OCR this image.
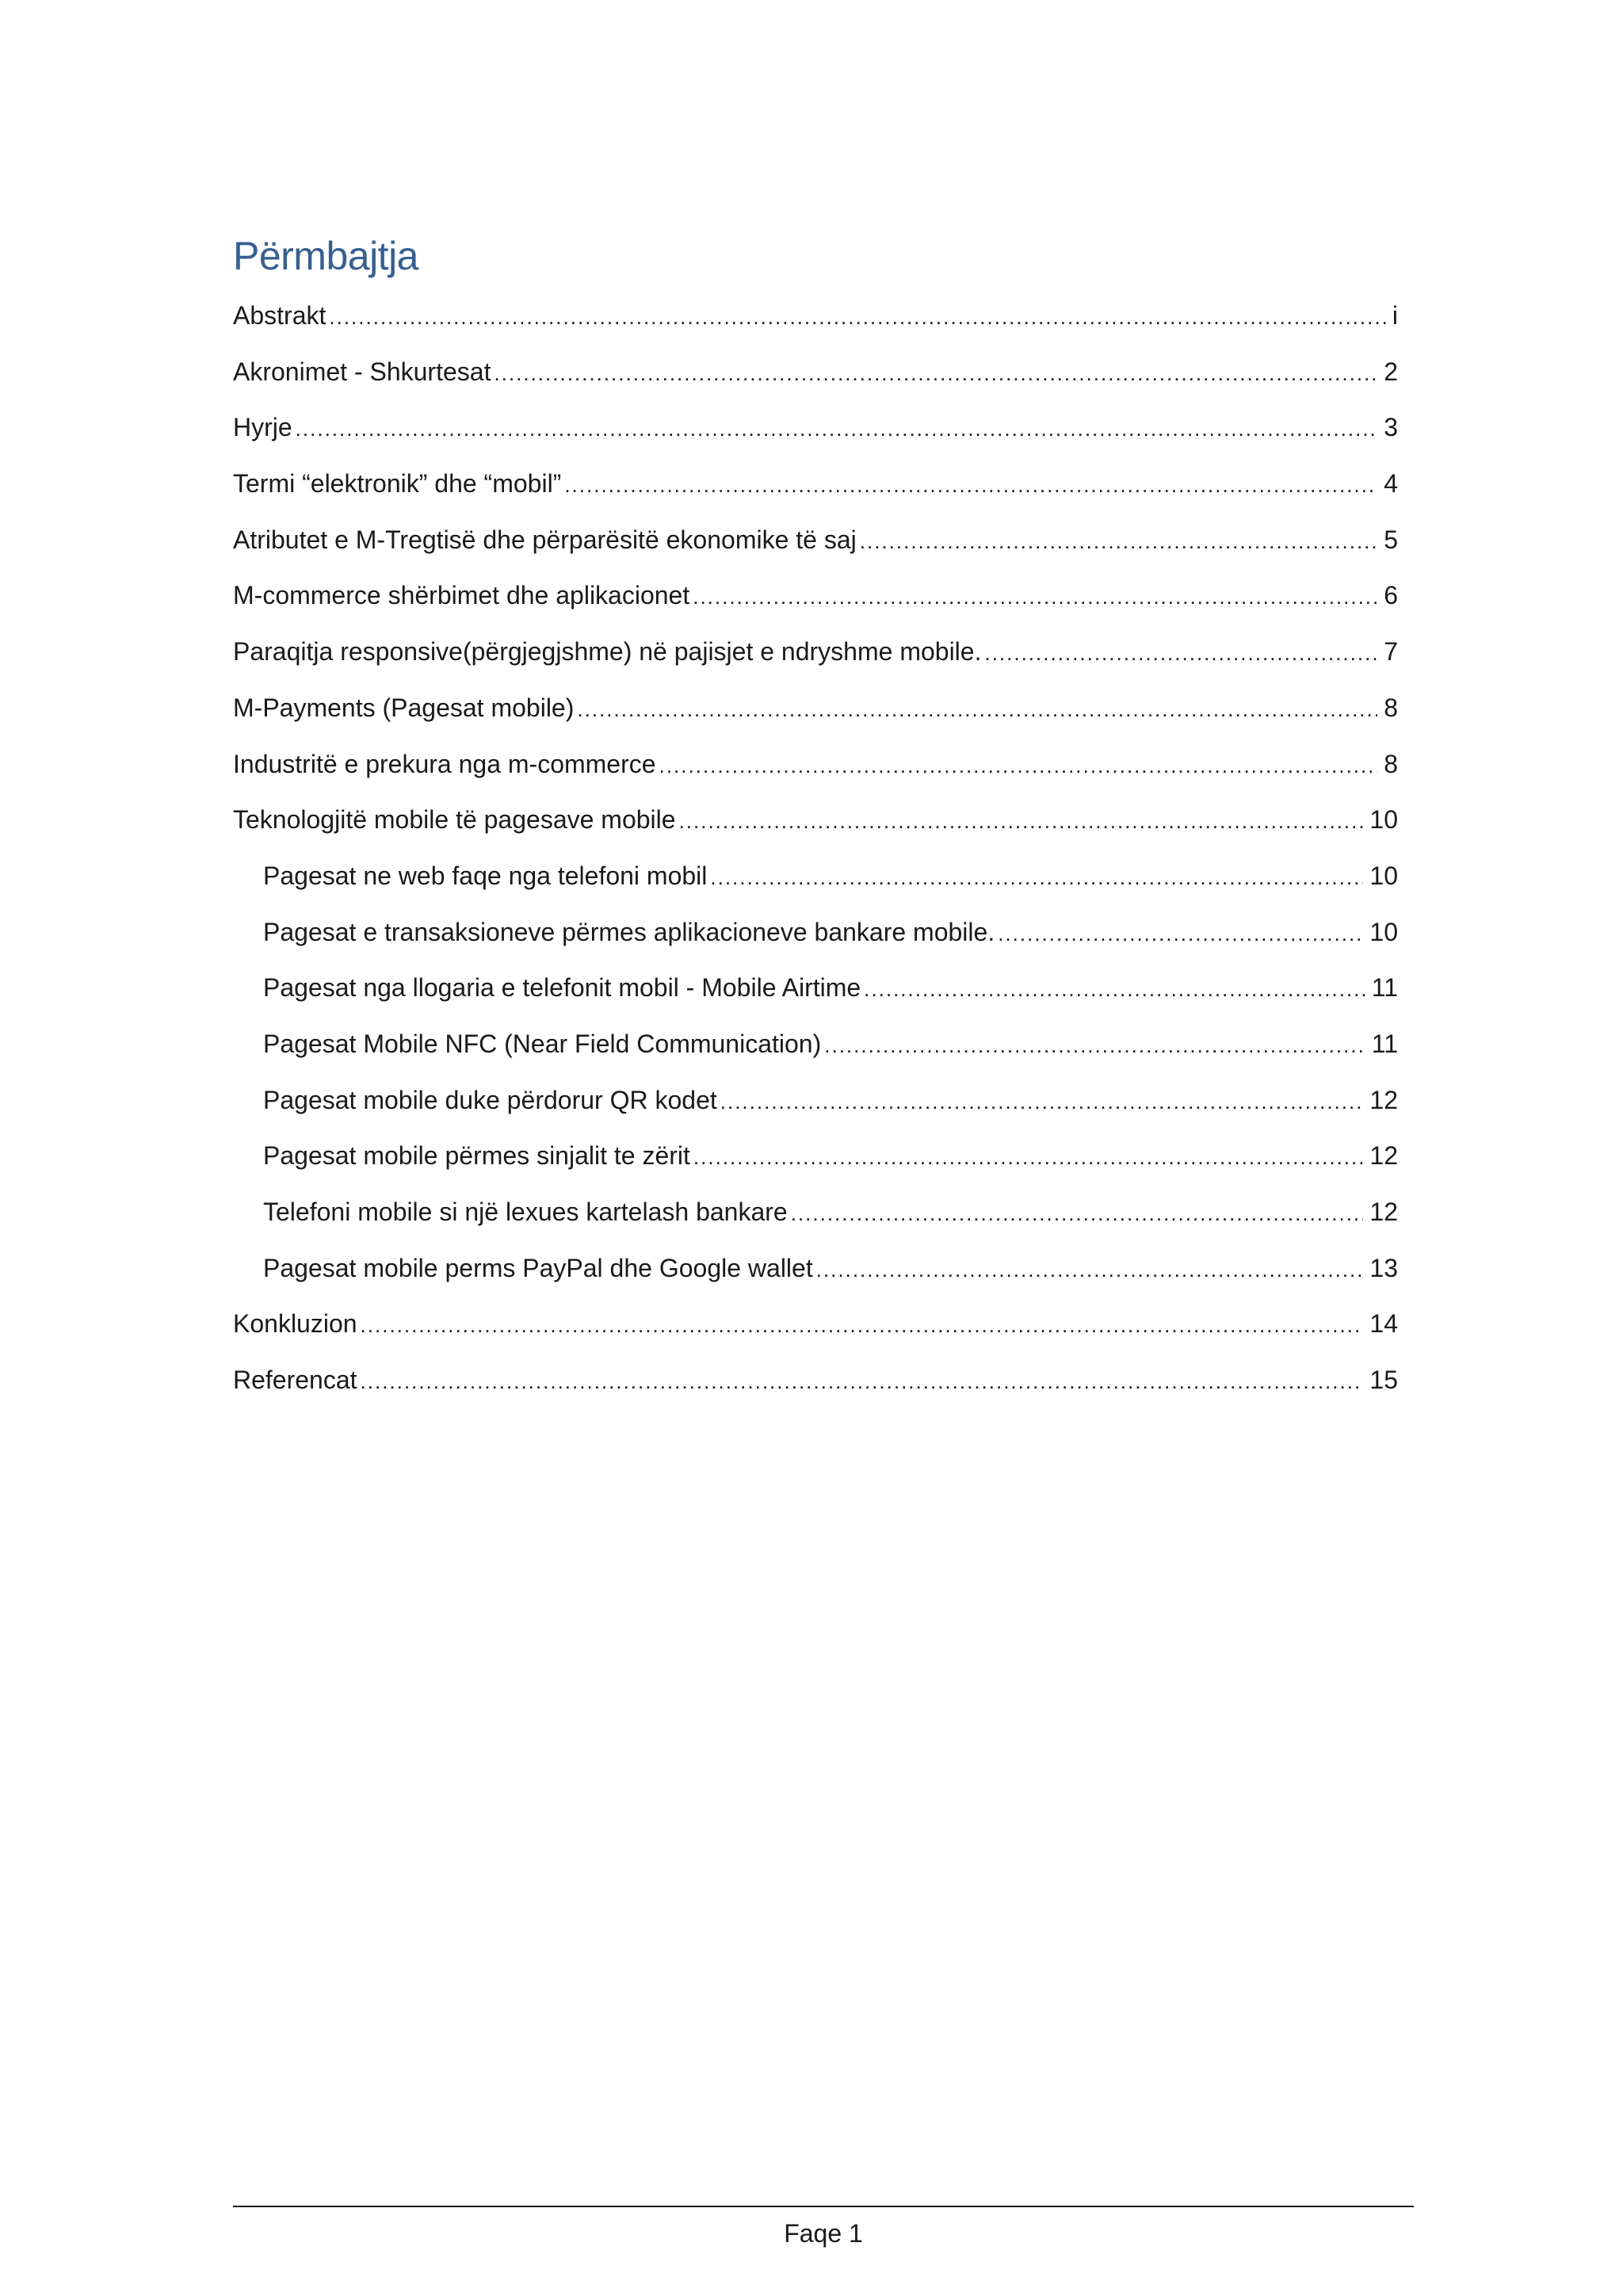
Përmbajtja
Abstrakt .....	i
Akronimet - Shkurtesat .....	2
Hyrje .....	3
Termi “elektronik” dhe “mobil” .....	4
Atributet e M-Tregtisë dhe përparësitë ekonomike të saj .....	5
M-commerce shërbimet dhe aplikacionet .....	6
Paraqitja responsive(përgjegjshme) në pajisjet e ndryshme mobile. .....	7
M-Payments (Pagesat mobile) .....	8
Industritë e prekura nga m-commerce .....	8
Teknologjitë mobile të pagesave mobile .....	10
Pagesat ne web faqe nga telefoni mobil .....	10
Pagesat e transaksioneve përmes aplikacioneve bankare mobile. .....	10
Pagesat nga llogaria e telefonit mobil - Mobile Airtime .....	11
Pagesat Mobile NFC (Near Field Communication) .....	11
Pagesat mobile duke përdorur QR kodet .....	12
Pagesat mobile përmes sinjalit te zërit .....	12
Telefoni mobile si një lexues kartelash bankare .....	12
Pagesat mobile perms PayPal dhe Google wallet .....	13
Konkluzion .....	14
Referencat .....	15
Faqe 1
